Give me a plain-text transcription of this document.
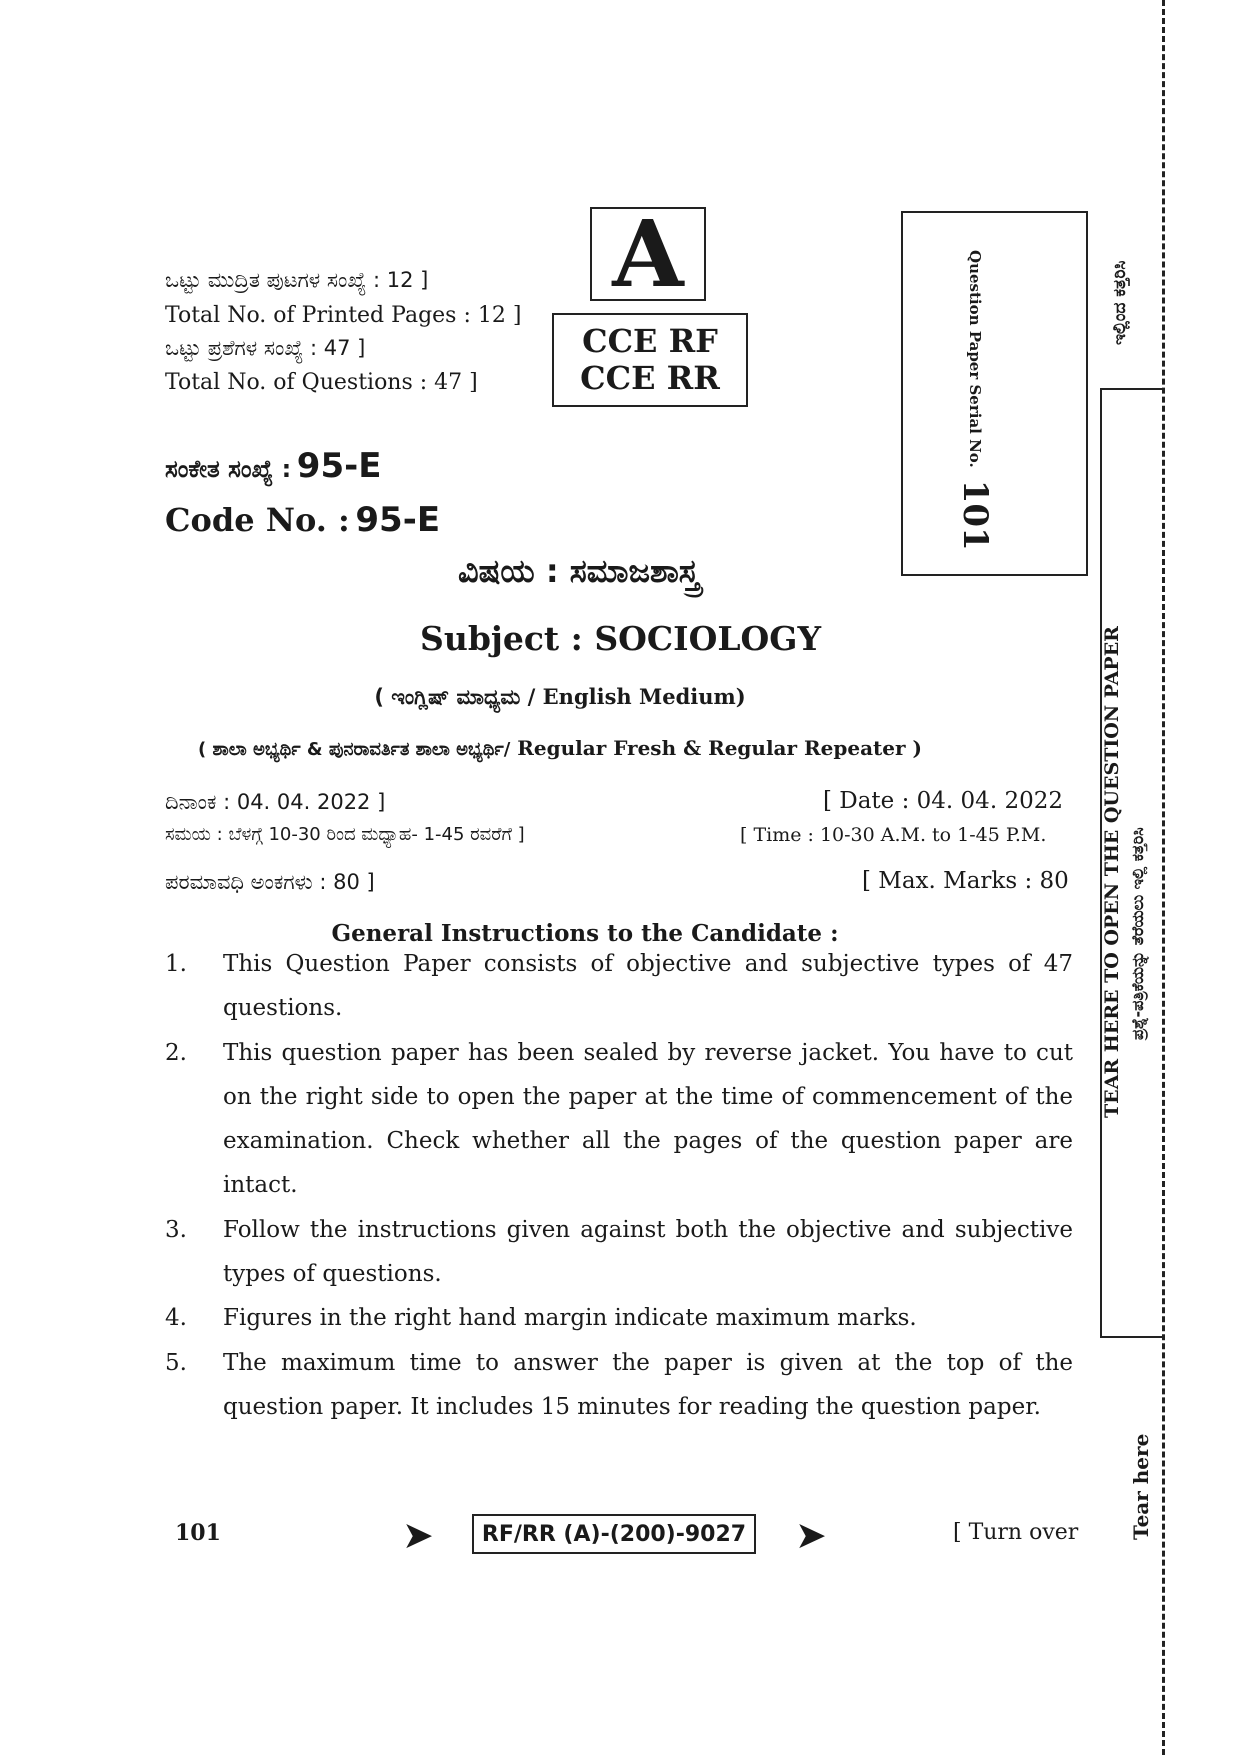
ಒಟ್ಟು ಮುದ್ರಿತ ಪುಟಗಳ ಸಂಖ್ಯೆ : 12 ]
Total No. of Printed Pages : 12 ]
ಒಟ್ಟು ಪ್ರಶೆಗಳ ಸಂಖ್ಯೆ : 47 ]
Total No. of Questions : 47 ]
A
CCE RF
CCE RR	Question Paper Serial No.
101
ಸಂಕೇತ ಸಂಖ್ಯೆ : 95-E
Code No. : 95-E
ವಿಷಯ : ಸಮಾಜಶಾಸ್ತ್ರ
Subject : SOCIOLOGY
( ಇಂಗ್ಲಿಷ್ ಮಾಧ್ಯಮ / English Medium)
( ಶಾಲಾ ಅಭ್ಯರ್ಥಿ & ಪುನರಾವರ್ತಿತ ಶಾಲಾ ಅಭ್ಯರ್ಥಿ/ Regular Fresh & Regular Repeater )
ದಿನಾಂಕ : 04. 04. 2022 ]	[ Date : 04. 04. 2022
ಸಮಯ : ಬೆಳಗ್ಗೆ 10-30 ರಿಂದ ಮಧ್ಯಾಹ- 1-45 ರವರೆಗೆ ]	[ Time : 10-30 A.M. to 1-45 P.M.
ಪರಮಾವಧಿ ಅಂಕಗಳು : 80 ]	[ Max. Marks : 80
General Instructions to the Candidate :
1.	This Question Paper consists of objective and subjective types of 47 questions.
2.	This question paper has been sealed by reverse jacket. You have to cut on the right side to open the paper at the time of commencement of the examination. Check whether all the pages of the question paper are intact.
3.	Follow the instructions given against both the objective and subjective types of questions.
4.	Figures in the right hand margin indicate maximum marks.
5.	The maximum time to answer the paper is given at the top of the question paper. It includes 15 minutes for reading the question paper.
101	➤	RF/RR (A)-(200)-9027 ➤	[ Turn over
ಇಲ್ಲಿಂದ ಕತ್ತರಿಸಿ
TEAR HERE TO OPEN THE QUESTION PAPER ಪ್ರಶ್ನೆ-ಪತ್ರಿಕೆಯನ್ನು ತೆರೆಯಲು ಇಲ್ಲಿ ಕತ್ತರಿಸಿ
Tear here
